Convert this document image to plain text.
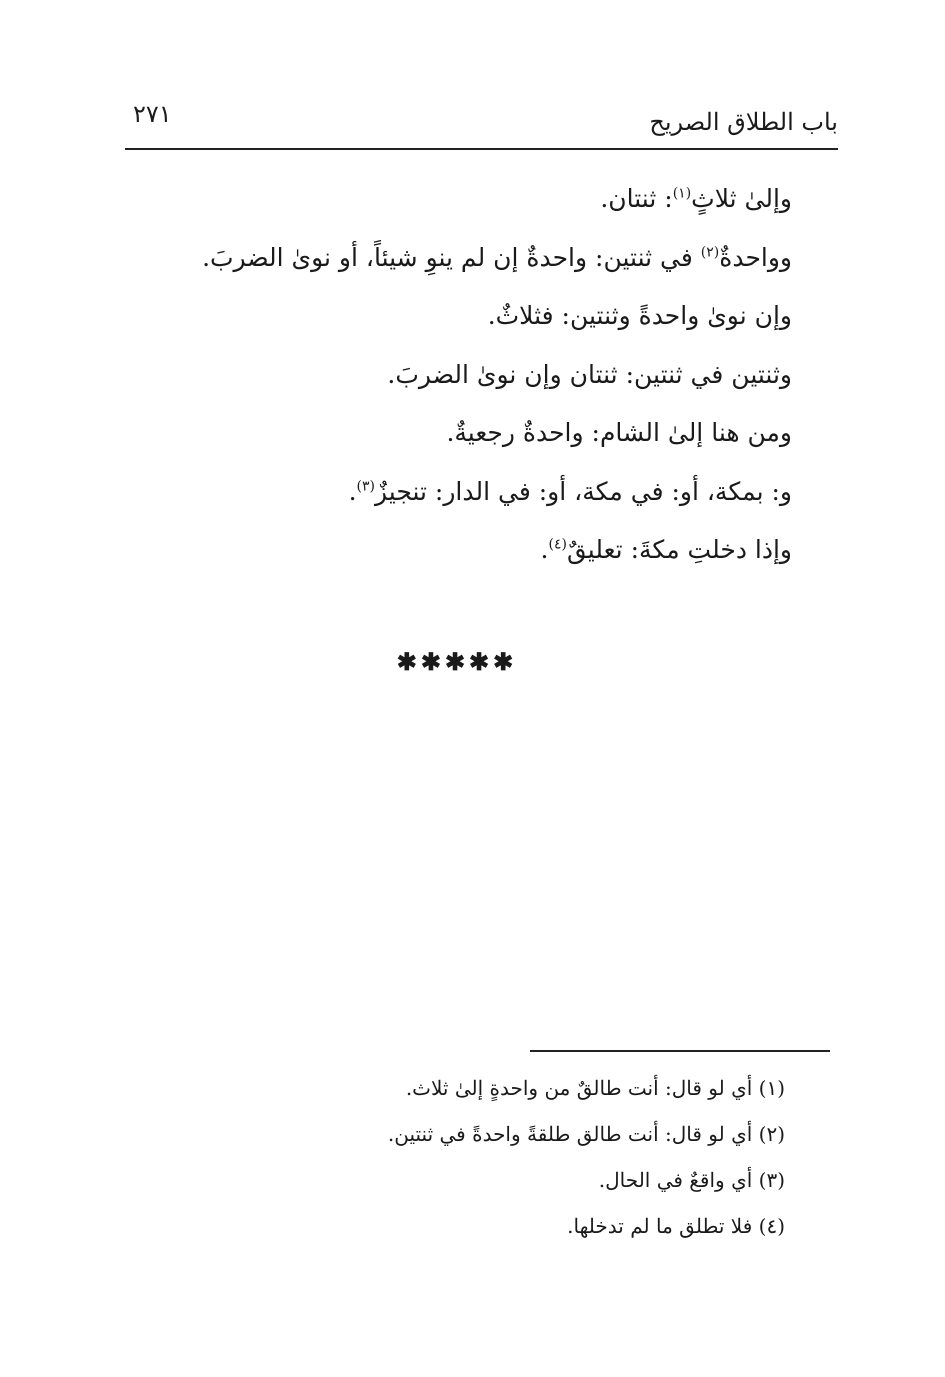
باب الطلاق الصريح
٢٧١
وإلىٰ ثلاثٍ$^{(١)}$: ثنتان.
وواحدةٌ$^{(٢)}$ في ثنتين: واحدةٌ إن لم ينوِ شيئاً، أو نوىٰ الضربَ.
وإن نوىٰ واحدةً وثنتين: فثلاثٌ.
وثنتين في ثنتين: ثنتان وإن نوىٰ الضربَ.
ومن هنا إلىٰ الشام: واحدةٌ رجعيةٌ.
و: بمكة، أو: في مكة، أو: في الدار: تنجيزٌ$^{(٣)}$.
وإذا دخلتِ مكةَ: تعليقٌ$^{(٤)}$.
✱✱✱✱✱
(١) أي لو قال: أنت طالقٌ من واحدةٍ إلىٰ ثلاث.
(٢) أي لو قال: أنت طالق طلقةً واحدةً في ثنتين.
(٣) أي واقعٌ في الحال.
(٤) فلا تطلق ما لم تدخلها.
